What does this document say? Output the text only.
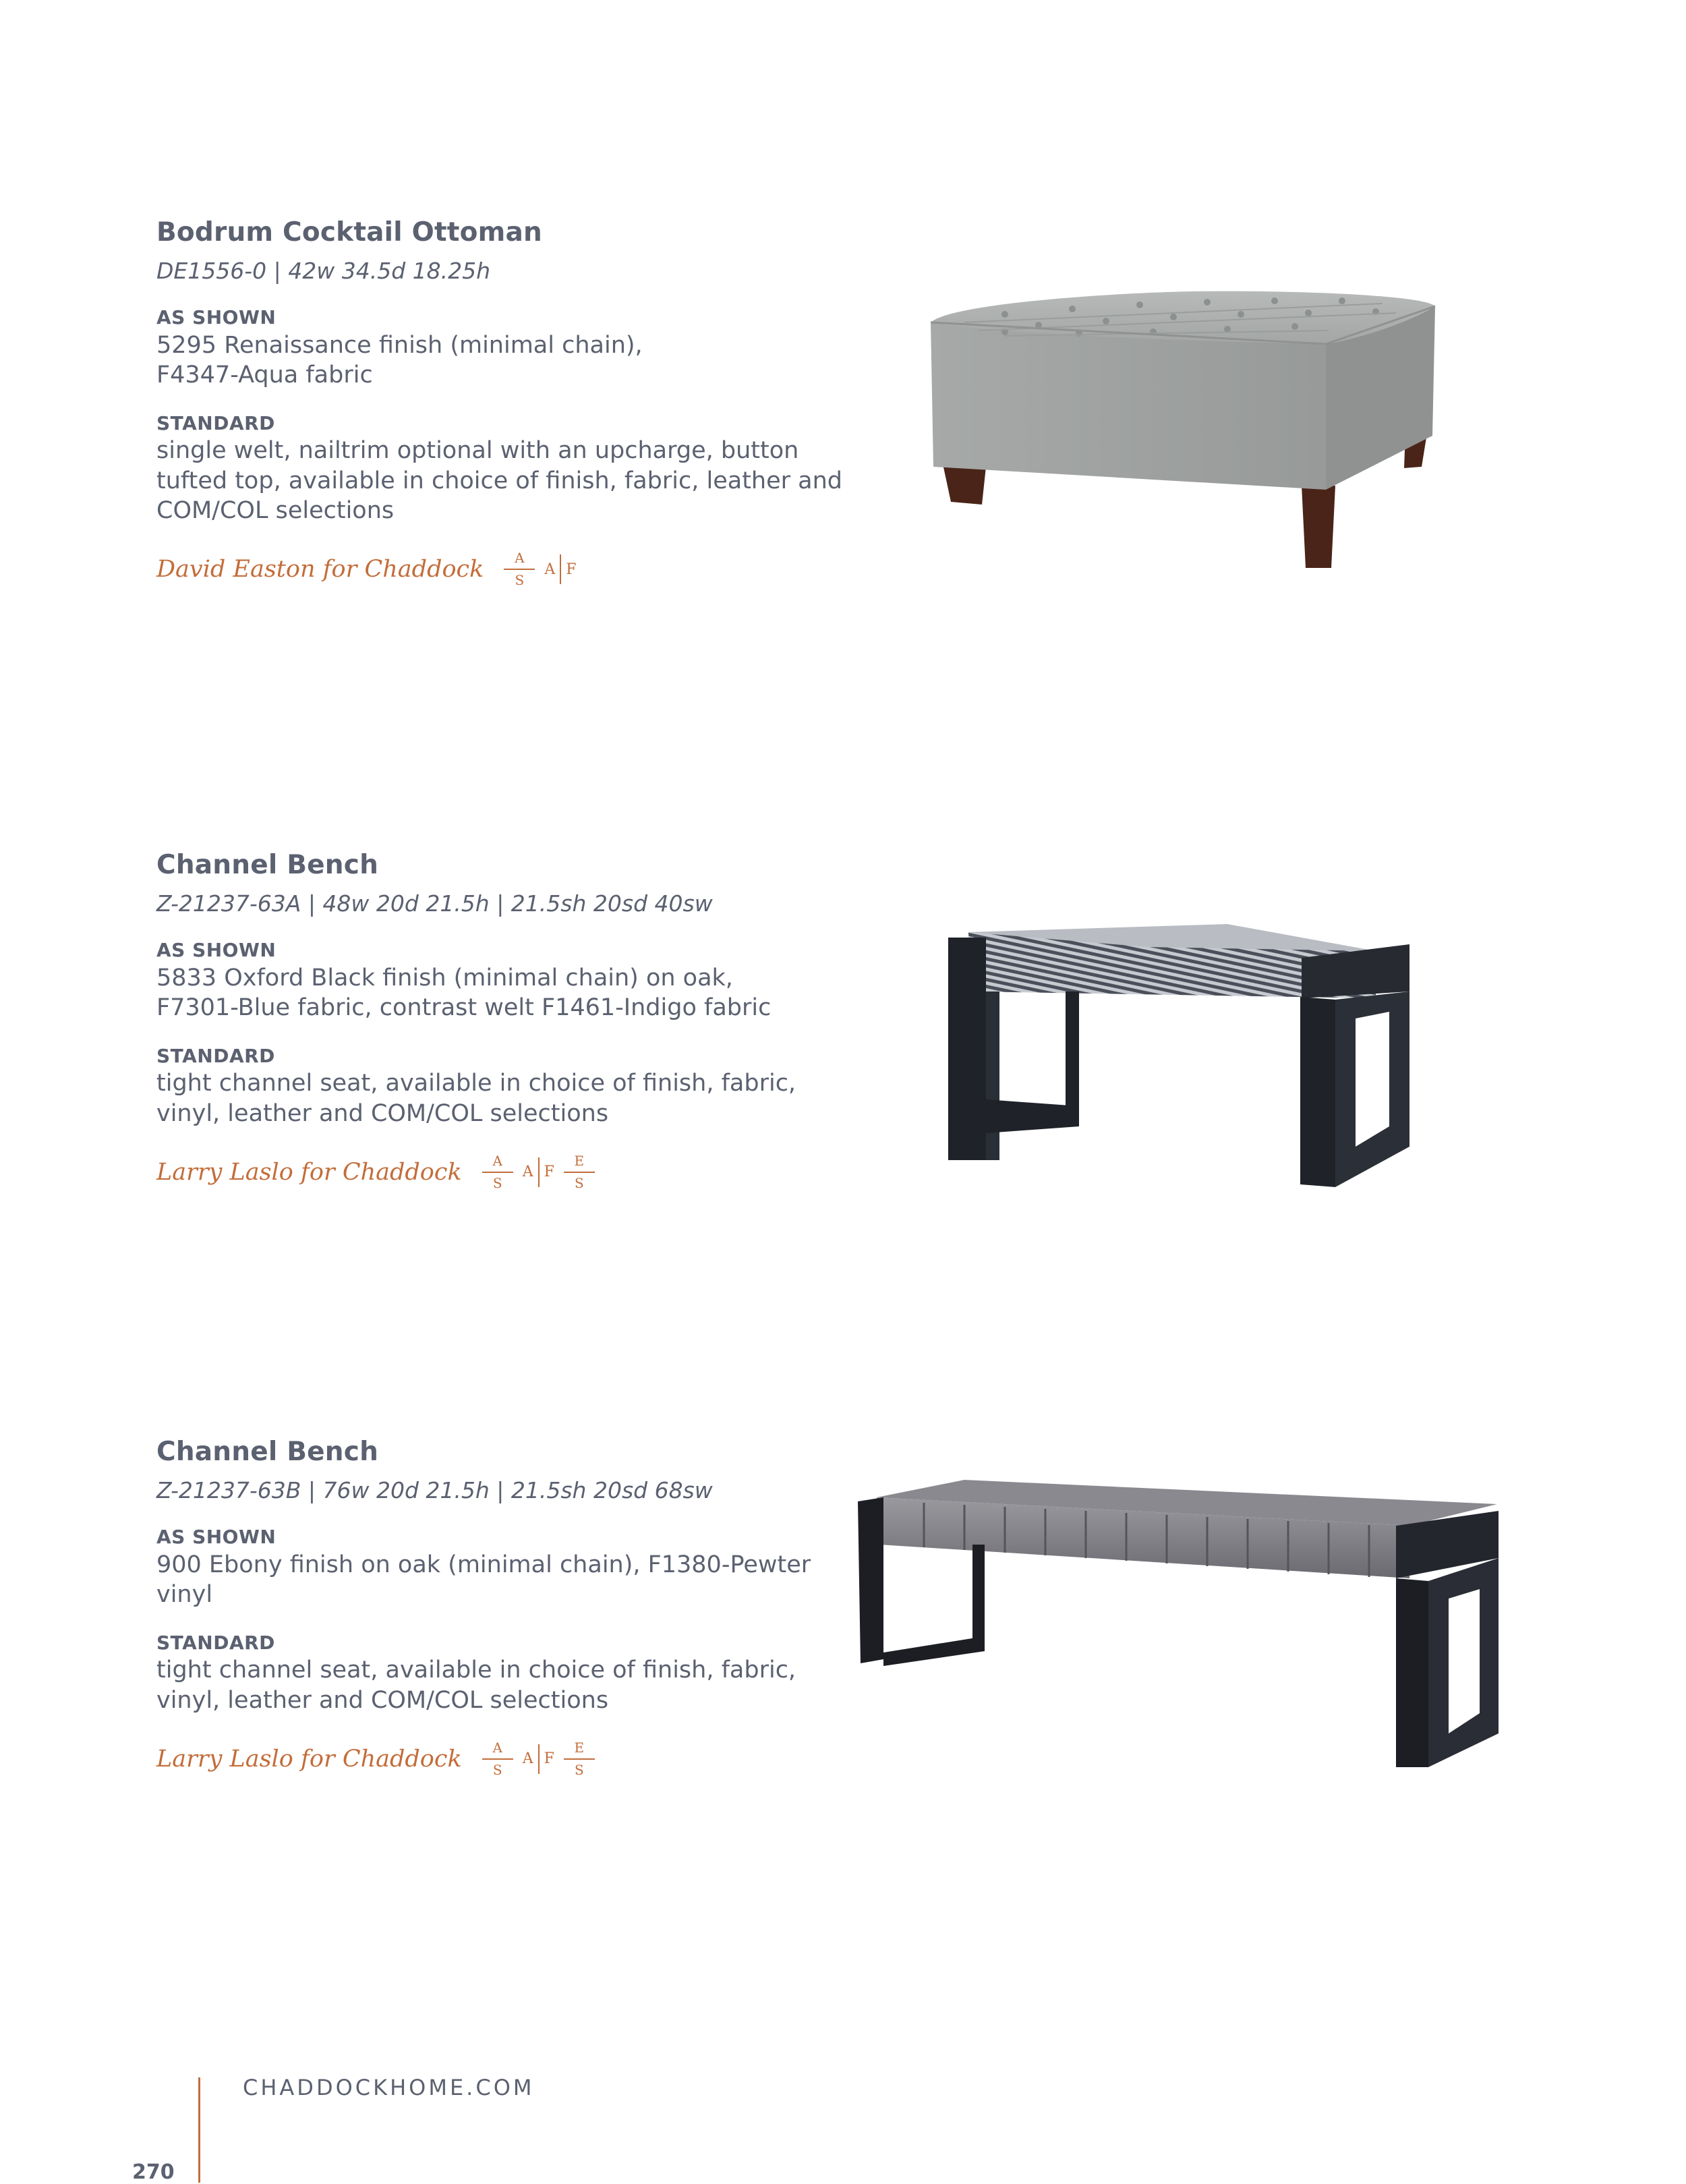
Bodrum Cocktail Ottoman

DE1556-0 | 42w 34.5d 18.25h

AS SHOWN

5295 Renaissance finish (minimal chain),
F4347-Aqua fabric

STANDARD

single welt, nailtrim optional with an upcharge, button
tufted top, available in choice of finish, fabric, leather and
COM/COL selections

David Easton for Chaddock $\frac{A}{S}$ A F
Channel Bench

Z-21237-63A | 48w 20d 21.5h | 21.5sh 20sd 40sw

AS SHOWN

5833 Oxford Black finish (minimal chain) on oak,
F7301-Blue fabric, contrast welt F1461-Indigo fabric

STANDARD

tight channel seat, available in choice of finish, fabric,
vinyl, leather and COM/COL selections

Larry Laslo for Chaddock $\frac{A}{S}$ A F $\frac{E}{S}$
Channel Bench

Z-21237-63B | 76w 20d 21.5h | 21.5sh 20sd 68sw

AS SHOWN

900 Ebony finish on oak (minimal chain), F1380-Pewter
vinyl

STANDARD

tight channel seat, available in choice of finish, fabric,
vinyl, leather and COM/COL selections

Larry Laslo for Chaddock $\frac{A}{S}$ A F $\frac{E}{S}$
CHADDOCKHOME.COM
270
